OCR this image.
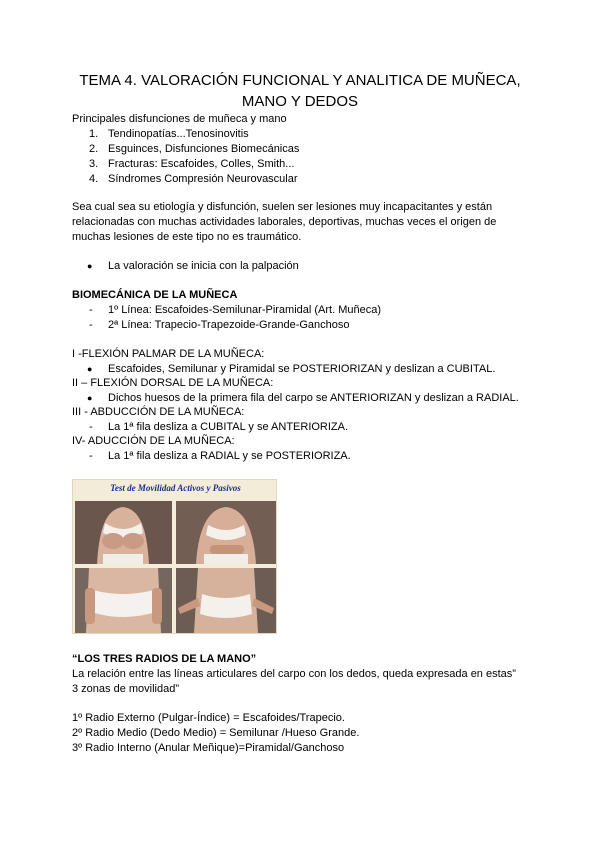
TEMA 4. VALORACIÓN FUNCIONAL Y ANALITICA DE MUÑECA,
MANO Y DEDOS
Principales disfunciones de muñeca y mano
1. Tendinopatías...Tenosinovitis
2. Esguinces, Disfunciones Biomecánicas
3. Fracturas: Escafoides, Colles, Smith...
4. Síndromes Compresión Neurovascular
Sea cual sea su etiología y disfunción, suelen ser lesiones muy incapacitantes y están
relacionadas con muchas actividades laborales, deportivas, muchas veces el origen de
muchas lesiones de este tipo no es traumático.
● La valoración se inicia con la palpación
BIOMECÁNICA DE LA MUÑECA
- 1º Línea: Escafoides-Semilunar-Piramidal (Art. Muñeca)
- 2ª Línea: Trapecio-Trapezoide-Grande-Ganchoso
I -FLEXIÓN PALMAR DE LA MUÑECA:
● Escafoides, Semilunar y Piramidal se POSTERIORIZAN y deslizan a CUBITAL.
II – FLEXIÓN DORSAL DE LA MUÑECA:
● Dichos huesos de la primera fila del carpo se ANTERIORIZAN y deslizan a RADIAL.
III - ABDUCCIÓN DE LA MUÑECA:
- La 1ª fila desliza a CUBITAL y se ANTERIORIZA.
IV- ADUCCIÓN DE LA MUÑECA:
- La 1ª fila desliza a RADIAL y se POSTERIORIZA.
Test de Movilidad Activos y Pasivos
“LOS TRES RADIOS DE LA MANO”
La relación entre las líneas articulares del carpo con los dedos, queda expresada en estas”
3 zonas de movilidad”
1º Radio Externo (Pulgar-Índice) = Escafoides/Trapecio.
2º Radio Medio (Dedo Medio) = Semilunar /Hueso Grande.
3º Radio Interno (Anular Meñique)=Piramidal/Ganchoso
